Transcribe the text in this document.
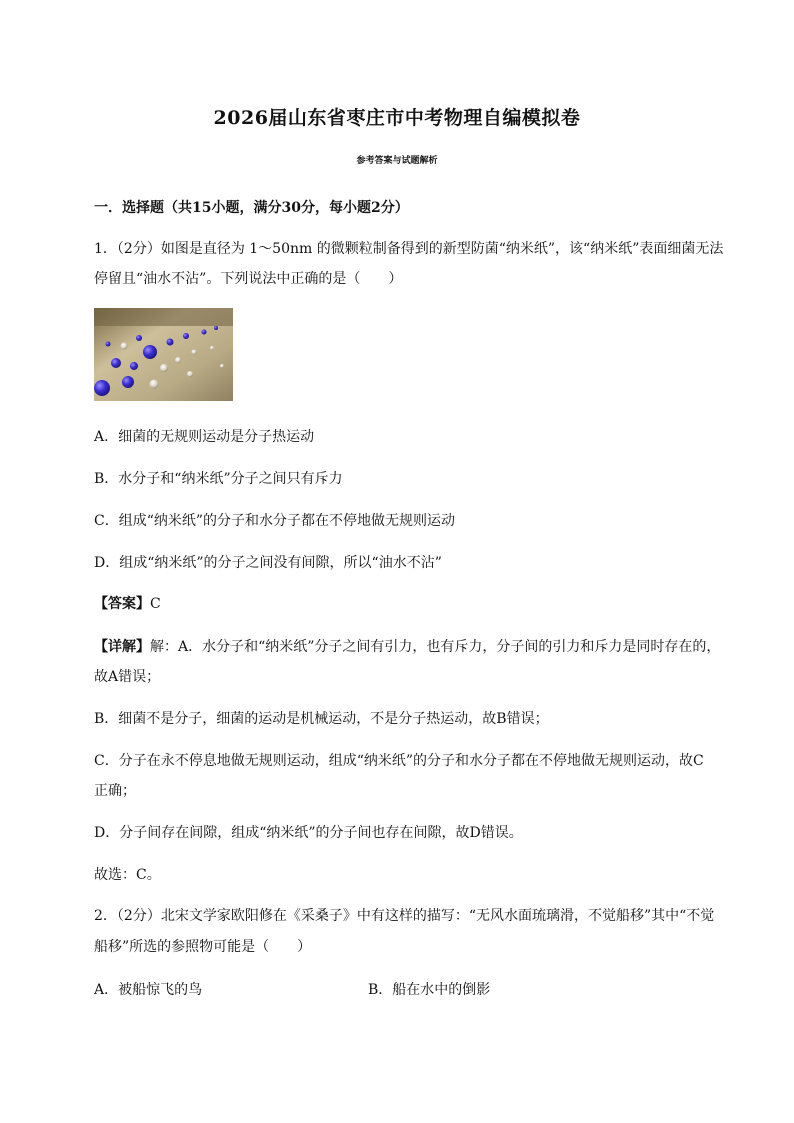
2026届山东省枣庄市中考物理自编模拟卷
参考答案与试题解析
一．选择题（共15小题，满分30分，每小题2分）
1．（2分）如图是直径为 1～50nm 的微颗粒制备得到的新型防菌“纳米纸”，该“纳米纸”表面细菌无法
停留且“油水不沾”。下列说法中正确的是（　　）
A．细菌的无规则运动是分子热运动
B．水分子和“纳米纸”分子之间只有斥力
C．组成“纳米纸”的分子和水分子都在不停地做无规则运动
D．组成“纳米纸”的分子之间没有间隙，所以“油水不沾”
【答案】C
【详解】解：A．水分子和“纳米纸”分子之间有引力，也有斥力，分子间的引力和斥力是同时存在的，
故A错误；
B．细菌不是分子，细菌的运动是机械运动，不是分子热运动，故B错误；
C．分子在永不停息地做无规则运动，组成“纳米纸”的分子和水分子都在不停地做无规则运动，故C
正确；
D．分子间存在间隙，组成“纳米纸”的分子间也存在间隙，故D错误。
故选：C。
2．（2分）北宋文学家欧阳修在《采桑子》中有这样的描写：“无风水面琉璃滑，不觉船移”其中“不觉
船移”所选的参照物可能是（　　）
A．被船惊飞的鸟	B．船在水中的倒影
